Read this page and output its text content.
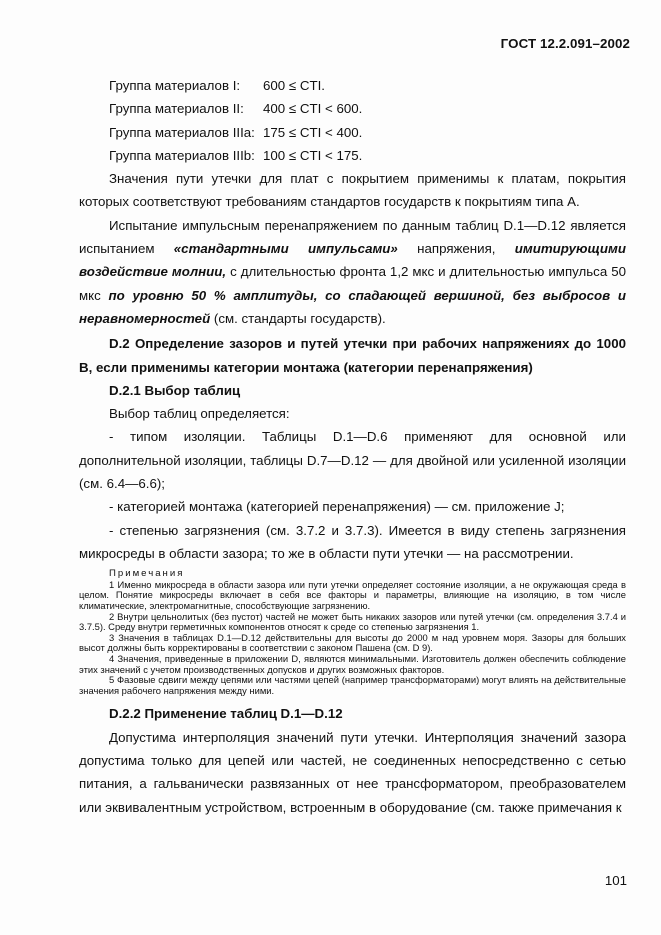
ГОСТ 12.2.091–2002
Группа материалов I: 600 ≤ CTI.
Группа материалов II: 400 ≤ CTI < 600.
Группа материалов IIIa: 175 ≤ CTI < 400.
Группа материалов IIIb: 100 ≤ CTI < 175.

Значения пути утечки для плат с покрытием применимы к платам, покрытия которых соответствуют требованиям стандартов государств к покрытиям типа А.

Испытание импульсным перенапряжением по данным таблиц D.1—D.12 является испытанием «стандартными импульсами» напряжения, имитирующими воздействие молнии, с длительностью фронта 1,2 мкс и длительностью импульса 50 мкс по уровню 50 % амплитуды, со спадающей вершиной, без выбросов и неравномерностей (см. стандарты государств).

D.2 Определение зазоров и путей утечки при рабочих напряжениях до 1000 В, если применимы категории монтажа (категории перенапряжения)

D.2.1 Выбор таблиц

Выбор таблиц определяется:

- типом изоляции. Таблицы D.1—D.6 применяют для основной или дополнительной изоляции, таблицы D.7—D.12 — для двойной или усиленной изоляции (см. 6.4—6.6);

- категорией монтажа (категорией перенапряжения) — см. приложение J;

- степенью загрязнения (см. 3.7.2 и 3.7.3). Имеется в виду степень загрязнения микросреды в области зазора; то же в области пути утечки — на рассмотрении.

Примечания

1 Именно микросреда в области зазора или пути утечки определяет состояние изоляции, а не окружающая среда в целом. Понятие микросреды включает в себя все факторы и параметры, влияющие на изоляцию, в том числе климатические, электромагнитные, способствующие загрязнению.

2 Внутри цельнолитых (без пустот) частей не может быть никаких зазоров или путей утечки (см. определения 3.7.4 и 3.7.5). Среду внутри герметичных компонентов относят к среде со степенью загрязнения 1.

3 Значения в таблицах D.1—D.12 действительны для высоты до 2000 м над уровнем моря. Зазоры для больших высот должны быть корректированы в соответствии с законом Пашена (см. D 9).

4 Значения, приведенные в приложении D, являются минимальными. Изготовитель должен обеспечить соблюдение этих значений с учетом производственных допусков и других возможных факторов.

5 Фазовые сдвиги между цепями или частями цепей (например трансформаторами) могут влиять на действительные значения рабочего напряжения между ними.

D.2.2 Применение таблиц D.1—D.12

Допустима интерполяция значений пути утечки. Интерполяция значений зазора допустима только для цепей или частей, не соединенных непосредственно с сетью питания, а гальванически развязанных от нее трансформатором, преобразователем или эквивалентным устройством, встроенным в оборудование (см. также примечания к

101
